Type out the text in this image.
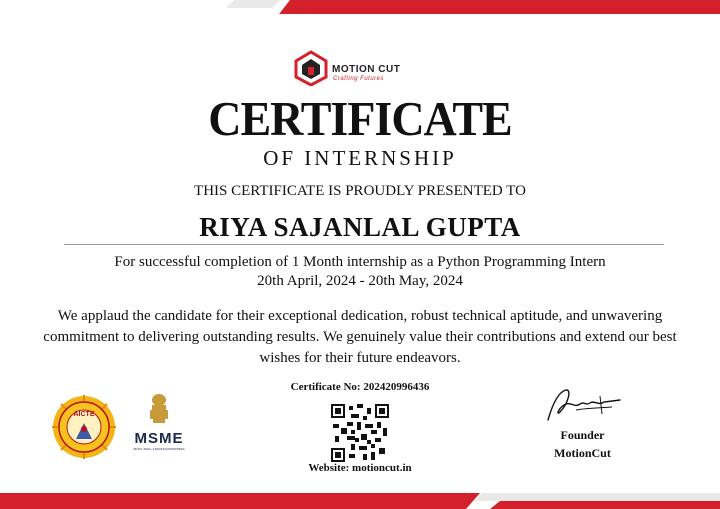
MOTION CUT
Crafting Futures
CERTIFICATE
OF INTERNSHIP
THIS CERTIFICATE IS PROUDLY PRESENTED TO
RIYA SAJANLAL GUPTA
For successful completion of 1 Month internship as a Python Programming Intern
20th April, 2024 - 20th May, 2024
We applaud the candidate for their exceptional dedication, robust technical aptitude, and unwavering commitment to delivering outstanding results. We genuinely value their contributions and extend our best wishes for their future endeavors.
Certificate No: 202420996436
Website: motioncut.in
AICTE
MSME
MICRO, SMALL & MEDIUM ENTERPRISES
Founder
MotionCut
